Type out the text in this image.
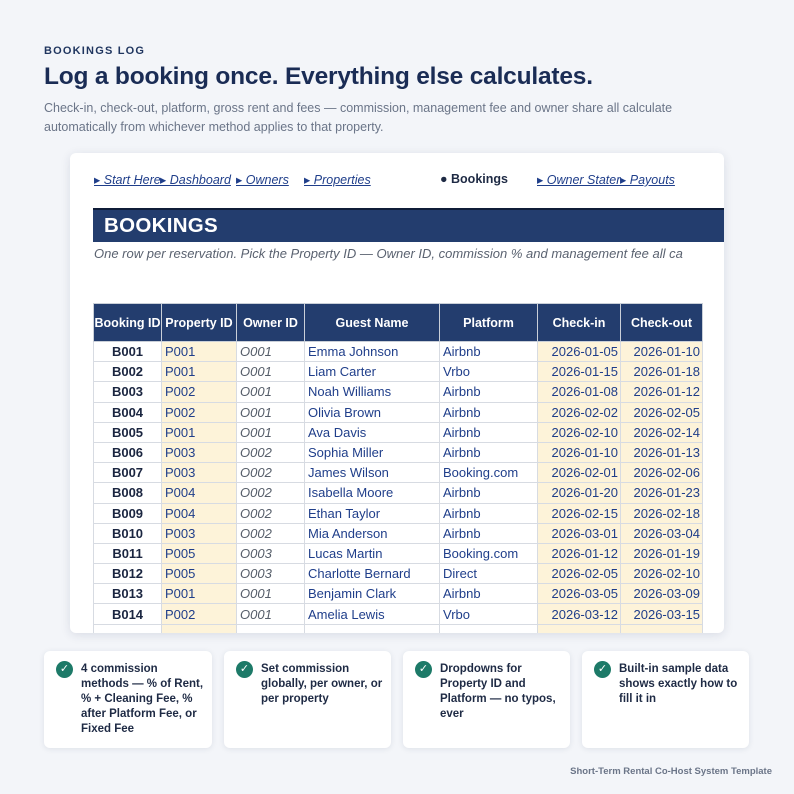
BOOKINGS LOG
Log a booking once. Everything else calculates.
Check-in, check-out, platform, gross rent and fees — commission, management fee and owner share all calculate automatically from whichever method applies to that property.
▸ Start Here ▸ Dashboard ▸ Owners ▸ Properties	● Bookings ▸ Owner Stater ▸ Payouts
BOOKINGS
One row per reservation. Pick the Property ID — Owner ID, commission % and management fee all ca
Booking ID	Property ID	Owner ID	Guest Name	Platform	Check-in	Check-out
B001	P001	O001	Emma Johnson	Airbnb	2026-01-05	2026-01-10
B002	P001	O001	Liam Carter	Vrbo	2026-01-15	2026-01-18
B003	P002	O001	Noah Williams	Airbnb	2026-01-08	2026-01-12
B004	P002	O001	Olivia Brown	Airbnb	2026-02-02	2026-02-05
B005	P001	O001	Ava Davis	Airbnb	2026-02-10	2026-02-14
B006	P003	O002	Sophia Miller	Airbnb	2026-01-10	2026-01-13
B007	P003	O002	James Wilson	Booking.com	2026-02-01	2026-02-06
B008	P004	O002	Isabella Moore	Airbnb	2026-01-20	2026-01-23
B009	P004	O002	Ethan Taylor	Airbnb	2026-02-15	2026-02-18
B010	P003	O002	Mia Anderson	Airbnb	2026-03-01	2026-03-04
B011	P005	O003	Lucas Martin	Booking.com	2026-01-12	2026-01-19
B012	P005	O003	Charlotte Bernard	Direct	2026-02-05	2026-02-10
B013	P001	O001	Benjamin Clark	Airbnb	2026-03-05	2026-03-09
B014	P002	O001	Amelia Lewis	Vrbo	2026-03-12	2026-03-15

✓	4 commission methods — % of Rent, % + Cleaning Fee, % after Platform Fee, or Fixed Fee
✓	Set commission globally, per owner, or per property
✓	Dropdowns for Property ID and Platform — no typos, ever
✓	Built-in sample data shows exactly how to fill it in
Short-Term Rental Co-Host System Template
